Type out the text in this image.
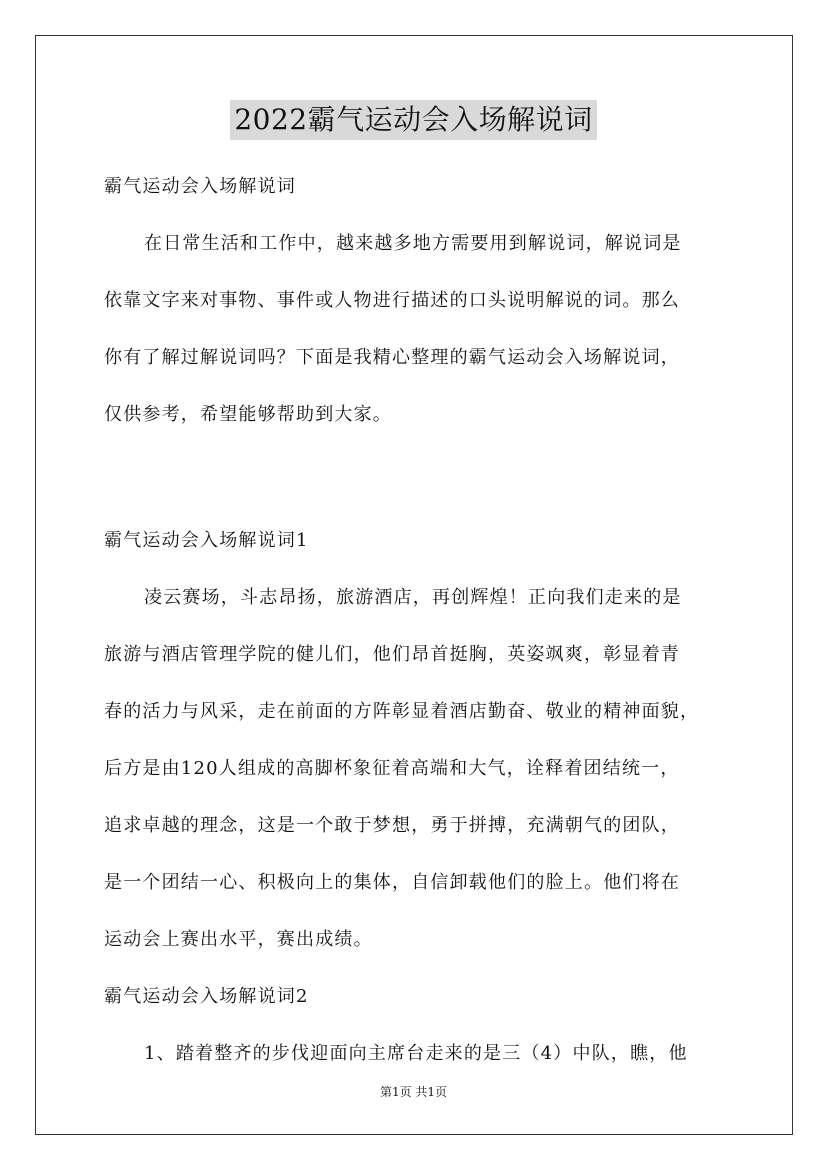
2022霸气运动会入场解说词
霸气运动会入场解说词
在日常生活和工作中，越来越多地方需要用到解说词，解说词是
依靠文字来对事物、事件或人物进行描述的口头说明解说的词。那么
你有了解过解说词吗？下面是我精心整理的霸气运动会入场解说词，
仅供参考，希望能够帮助到大家。
霸气运动会入场解说词1
凌云赛场，斗志昂扬，旅游酒店，再创辉煌！正向我们走来的是
旅游与酒店管理学院的健儿们，他们昂首挺胸，英姿飒爽，彰显着青
春的活力与风采，走在前面的方阵彰显着酒店勤奋、敬业的精神面貌，
后方是由120人组成的高脚杯象征着高端和大气，诠释着团结统一，
追求卓越的理念，这是一个敢于梦想，勇于拼搏，充满朝气的团队，
是一个团结一心、积极向上的集体，自信卸载他们的脸上。他们将在
运动会上赛出水平，赛出成绩。
霸气运动会入场解说词2
1、踏着整齐的步伐迎面向主席台走来的是三（4）中队，瞧，他
第1页 共1页
